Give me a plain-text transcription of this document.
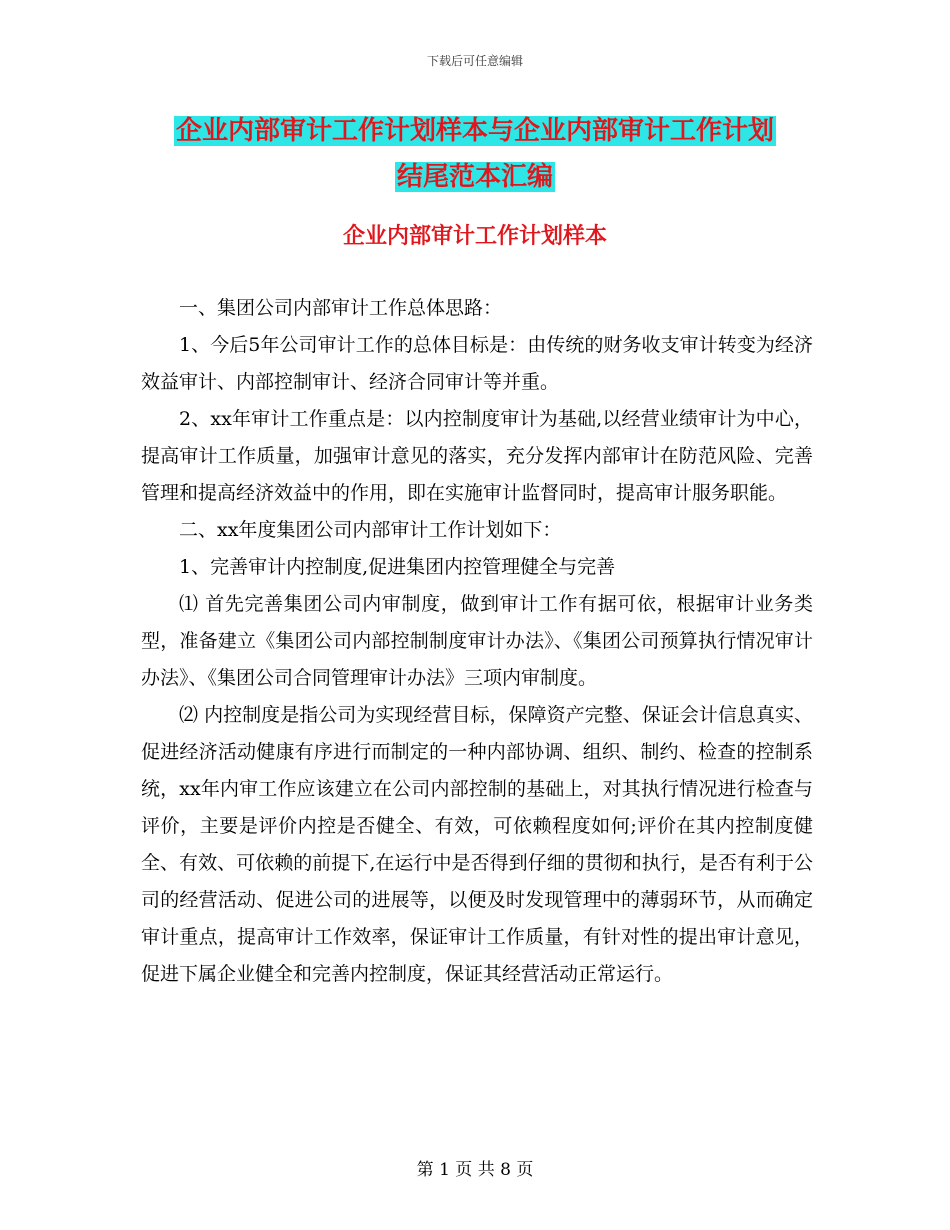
下载后可任意编辑
企业内部审计工作计划样本与企业内部审计工作计划
结尾范本汇编
企业内部审计工作计划样本

一、集团公司内部审计工作总体思路：

1、今后5年公司审计工作的总体目标是：由传统的财务收支审计转变为经济效益审计、内部控制审计、经济合同审计等并重。

2、xx年审计工作重点是：以内控制度审计为基础,以经营业绩审计为中心，提高审计工作质量，加强审计意见的落实，充分发挥内部审计在防范风险、完善管理和提高经济效益中的作用，即在实施审计监督同时，提高审计服务职能。

二、xx年度集团公司内部审计工作计划如下：

1、完善审计内控制度,促进集团内控管理健全与完善

⑴ 首先完善集团公司内审制度，做到审计工作有据可依，根据审计业务类型，准备建立《集团公司内部控制制度审计办法》、《集团公司预算执行情况审计办法》、《集团公司合同管理审计办法》三项内审制度。

⑵ 内控制度是指公司为实现经营目标，保障资产完整、保证会计信息真实、促进经济活动健康有序进行而制定的一种内部协调、组织、制约、检查的控制系统，xx年内审工作应该建立在公司内部控制的基础上，对其执行情况进行检查与评价，主要是评价内控是否健全、有效，可依赖程度如何;评价在其内控制度健全、有效、可依赖的前提下,在运行中是否得到仔细的贯彻和执行，是否有利于公司的经营活动、促进公司的进展等，以便及时发现管理中的薄弱环节，从而确定审计重点，提高审计工作效率，保证审计工作质量，有针对性的提出审计意见，促进下属企业健全和完善内控制度，保证其经营活动正常运行。

第 1 页 共 8 页
